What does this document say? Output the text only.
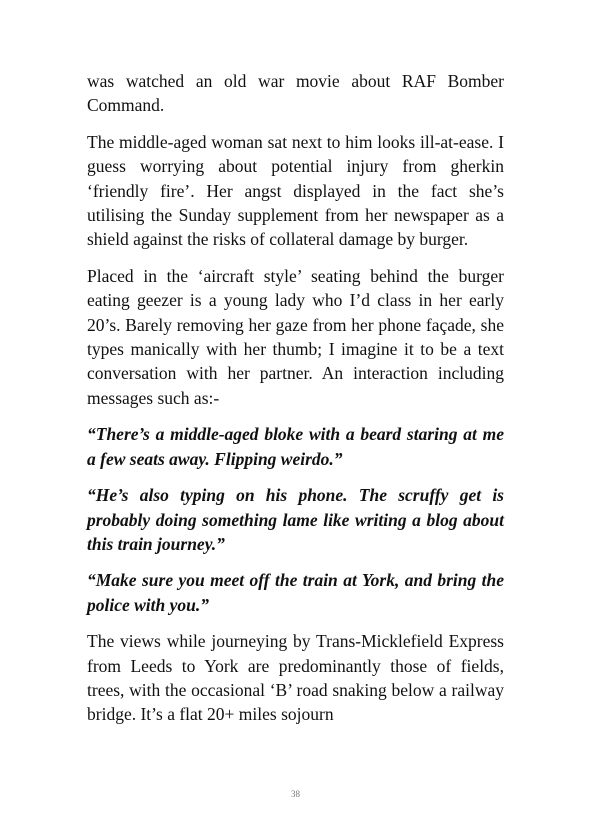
was watched an old war movie about RAF Bomber Command.

The middle-aged woman sat next to him looks ill-at-ease. I guess worrying about potential injury from gherkin ‘friendly fire’. Her angst displayed in the fact she’s utilising the Sunday supplement from her newspaper as a shield against the risks of collateral damage by burger.

Placed in the ‘aircraft style’ seating behind the burger eating geezer is a young lady who I’d class in her early 20’s. Barely removing her gaze from her phone façade, she types manically with her thumb; I imagine it to be a text conversation with her partner. An interaction including messages such as:-

“There’s a middle-aged bloke with a beard staring at me a few seats away. Flipping weirdo.”

“He’s also typing on his phone. The scruffy get is probably doing something lame like writing a blog about this train journey.”

“Make sure you meet off the train at York, and bring the police with you.”

The views while journeying by Trans-Micklefield Express from Leeds to York are predominantly those of fields, trees, with the occasional ‘B’ road snaking below a railway bridge. It’s a flat 20+ miles sojourn

38
